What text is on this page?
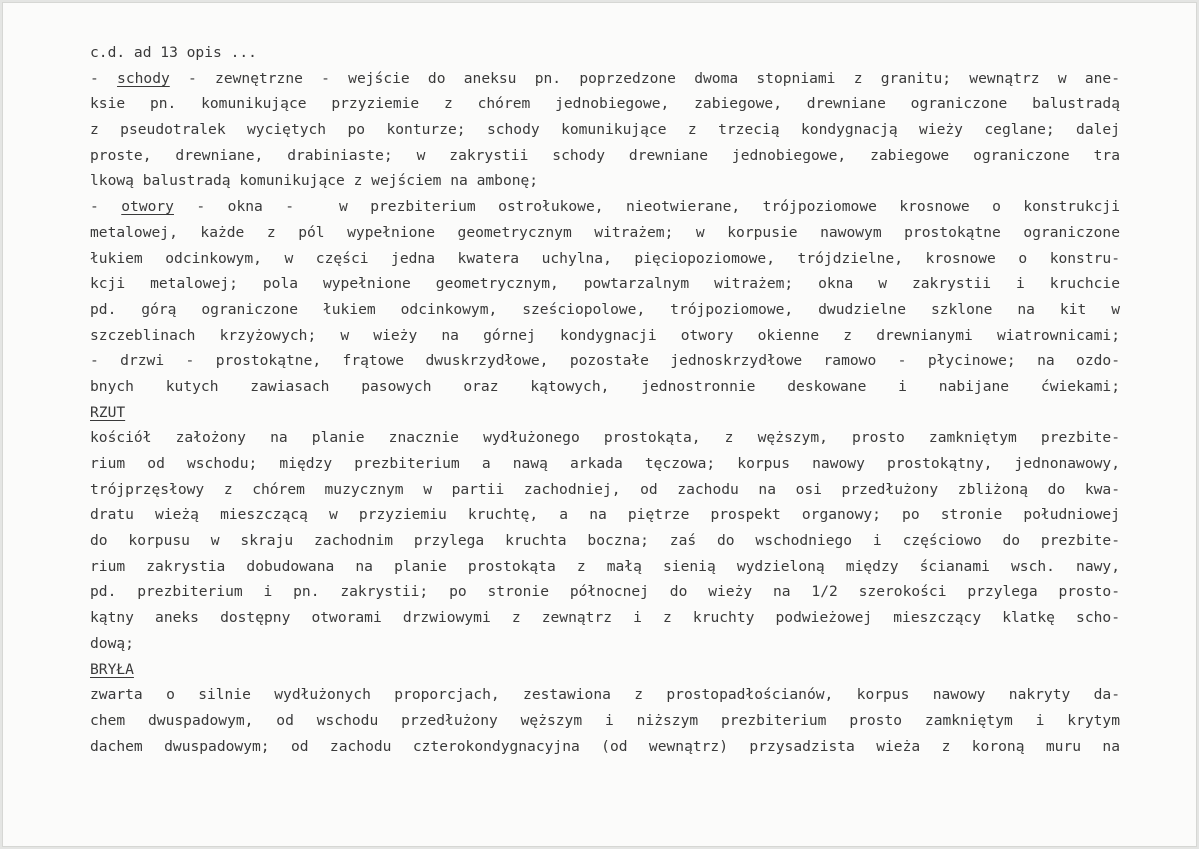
c.d. ad 13 opis ...
- schody - zewnętrzne - wejście do aneksu pn. poprzedzone dwoma stopniami z granitu; wewnątrz w ane-
ksie pn. komunikujące przyziemie z chórem jednobiegowe, zabiegowe, drewniane ograniczone balustradą
z pseudotralek wyciętych po konturze; schody komunikujące z trzecią kondygnacją wieży ceglane; dalej
proste, drewniane, drabiniaste; w zakrystii schody drewniane jednobiegowe, zabiegowe ograniczone tra
lkową balustradą komunikujące z wejściem na ambonę;
- otwory - okna -  w prezbiterium ostrołukowe, nieotwierane, trójpoziomowe krosnowe o konstrukcji
metalowej, każde z pól wypełnione geometrycznym witrażem; w korpusie nawowym prostokątne ograniczone
łukiem odcinkowym, w części jedna kwatera uchylna, pięciopoziomowe, trójdzielne, krosnowe o konstru-
kcji metalowej; pola wypełnione geometrycznym, powtarzalnym witrażem; okna w zakrystii i kruchcie
pd. górą ograniczone łukiem odcinkowym, sześciopolowe, trójpoziomowe, dwudzielne szklone na kit w
szczeblinach krzyżowych; w wieży na górnej kondygnacji otwory okienne z drewnianymi wiatrownicami;
- drzwi - prostokątne, frątowe dwuskrzydłowe, pozostałe jednoskrzydłowe ramowo - płycinowe; na ozdo-
bnych kutych zawiasach pasowych oraz kątowych, jednostronnie deskowane i nabijane ćwiekami;
RZUT
kościół założony na planie znacznie wydłużonego prostokąta, z węższym, prosto zamkniętym prezbite-
rium od wschodu; między prezbiterium a nawą arkada tęczowa; korpus nawowy prostokątny, jednonawowy,
trójprzęsłowy z chórem muzycznym w partii zachodniej, od zachodu na osi przedłużony zbliżoną do kwa-
dratu wieżą mieszczącą w przyziemiu kruchtę, a na piętrze prospekt organowy; po stronie południowej
do korpusu w skraju zachodnim przylega kruchta boczna; zaś do wschodniego i częściowo do prezbite-
rium zakrystia dobudowana na planie prostokąta z małą sienią wydzieloną między ścianami wsch. nawy,
pd. prezbiterium i pn. zakrystii; po stronie północnej do wieży na 1/2 szerokości przylega prosto-
kątny aneks dostępny otworami drzwiowymi z zewnątrz i z kruchty podwieżowej mieszczący klatkę scho-
dową;
BRYŁA
zwarta o silnie wydłużonych proporcjach, zestawiona z prostopadłościanów, korpus nawowy nakryty da-
chem dwuspadowym, od wschodu przedłużony węższym i niższym prezbiterium prosto zamkniętym i krytym
dachem dwuspadowym; od zachodu czterokondygnacyjna (od wewnątrz) przysadzista wieża z koroną muru na
